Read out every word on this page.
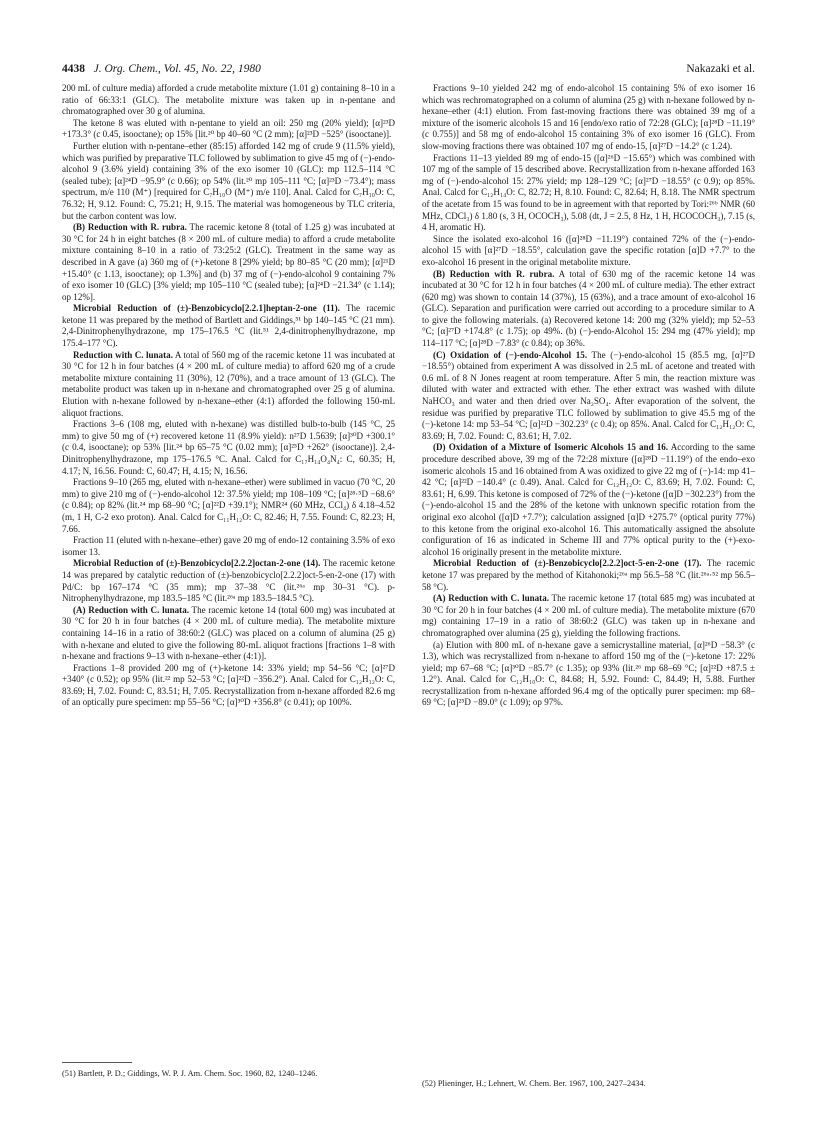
4438 J. Org. Chem., Vol. 45, No. 22, 1980	Nakazaki et al.

200 mL of culture media) afforded a crude metabolite mixture (1.01 g) containing 8–10 in a ratio of 66:33:1 (GLC). The metabolite mixture was taken up in n-pentane and chromatographed over 30 g of alumina.

The ketone 8 was eluted with n-pentane to yield an oil: 250 mg (20% yield); [α]²³D +173.3° (c 0.45, isooctane); op 15% [lit.²⁰ bp 40–60 °C (2 mm); [α]²³D −525° (isooctane)].

Further elution with n-pentane–ether (85:15) afforded 142 mg of crude 9 (11.5% yield), which was purified by preparative TLC followed by sublimation to give 45 mg of (−)-endo-alcohol 9 (3.6% yield) containing 3% of the exo isomer 10 (GLC): mp 112.5–114 °C (sealed tube); [α]²⁴D −95.9° (c 0.66); op 54% (lit.²⁰ mp 105–111 °C; [α]²³D −73.4°); mass spectrum, m/e 110 (M⁺) [required for C₇H₁₀O (M⁺) m/e 110]. Anal. Calcd for C₇H₁₀O: C, 76.32; H, 9.12. Found: C, 75.21; H, 9.15. The material was homogeneous by TLC criteria, but the carbon content was low.

(B) Reduction with R. rubra. The racemic ketone 8 (total of 1.25 g) was incubated at 30 °C for 24 h in eight batches (8 × 200 mL of culture media) to afford a crude metabolite mixture containing 8–10 in a ratio of 73:25:2 (GLC). Treatment in the same way as described in A gave (a) 360 mg of (+)-ketone 8 [29% yield; bp 80–85 °C (20 mm); [α]²¹D +15.40° (c 1.13, isooctane); op 1.3%] and (b) 37 mg of (−)-endo-alcohol 9 containing 7% of exo isomer 10 (GLC) [3% yield; mp 105–110 °C (sealed tube); [α]²⁴D −21.34° (c 1.14); op 12%].

Microbial Reduction of (±)-Benzobicyclo[2.2.1]heptan-2-one (11). The racemic ketone 11 was prepared by the method of Bartlett and Giddings,⁵¹ bp 140–145 °C (21 mm). 2,4-Dinitrophenylhydrazone, mp 175–176.5 °C (lit.⁵¹ 2,4-dinitrophenylhydrazone, mp 175.4–177 °C).

Reduction with C. lunata. A total of 560 mg of the racemic ketone 11 was incubated at 30 °C for 12 h in four batches (4 × 200 mL of culture media) to afford 620 mg of a crude metabolite mixture containing 11 (30%), 12 (70%), and a trace amount of 13 (GLC). The metabolite product was taken up in n-hexane and chromatographed over 25 g of alumina. Elution with n-hexane followed by n-hexane–ether (4:1) afforded the following 150-mL aliquot fractions.

Fractions 3–6 (108 mg, eluted with n-hexane) was distilled bulb-to-bulb (145 °C, 25 mm) to give 50 mg of (+) recovered ketone 11 (8.9% yield): n²⁷D 1.5639; [α]³⁰D +300.1° (c 0.4, isooctane); op 53% [lit.²⁴ bp 65–75 °C (0.02 mm); [α]²⁵D +262° (isooctane)]. 2,4-Dinitrophenylhydrazone, mp 175–176.5 °C. Anal. Calcd for C₁₇H₁₄O₄N₄: C, 60.35; H, 4.17; N, 16.56. Found: C, 60.47; H, 4.15; N, 16.56.

Fractions 9–10 (265 mg, eluted with n-hexane–ether) were sublimed in vacuo (70 °C, 20 mm) to give 210 mg of (−)-endo-alcohol 12: 37.5% yield; mp 108–109 °C; [α]²⁸·⁵D −68.6° (c 0.84); op 82% (lit.²⁴ mp 68–90 °C; [α]²²D +39.1°); NMR²⁴ (60 MHz, CCl₄) δ 4.18–4.52 (m, 1 H, C-2 exo proton). Anal. Calcd for C₁₁H₁₂O: C, 82.46; H, 7.55. Found: C, 82.23; H, 7.66.

Fraction 11 (eluted with n-hexane–ether) gave 20 mg of endo-12 containing 3.5% of exo isomer 13.

Microbial Reduction of (±)-Benzobicyclo[2.2.2]octan-2-one (14). The racemic ketone 14 was prepared by catalytic reduction of (±)-benzobicyclo[2.2.2]oct-5-en-2-one (17) with Pd/C: bp 167–174 °C (35 mm); mp 37–38 °C (lit.²⁶ᵃ mp 30–31 °C). p-Nitrophenylhydrazone, mp 183.5–185 °C (lit.²⁶ᵃ mp 183.5–184.5 °C).

(A) Reduction with C. lunata. The racemic ketone 14 (total 600 mg) was incubated at 30 °C for 20 h in four batches (4 × 200 mL of culture media). The metabolite mixture containing 14–16 in a ratio of 38:60:2 (GLC) was placed on a column of alumina (25 g) with n-hexane and eluted to give the following 80-mL aliquot fractions [fractions 1–8 with n-hexane and fractions 9–13 with n-hexane–ether (4:1)].

Fractions 1–8 provided 200 mg of (+)-ketone 14: 33% yield; mp 54–56 °C; [α]²⁷D +340° (c 0.52); op 95% (lit.²² mp 52–53 °C; [α]²²D −356.2°). Anal. Calcd for C₁₂H₁₂O: C, 83.69; H, 7.02. Found: C, 83.51; H, 7.05. Recrystallization from n-hexane afforded 82.6 mg of an optically pure specimen: mp 55–56 °C; [α]³⁰D +356.8° (c 0.41); op 100%.

Fractions 9–10 yielded 242 mg of endo-alcohol 15 containing 5% of exo isomer 16 which was rechromatographed on a column of alumina (25 g) with n-hexane followed by n-hexane–ether (4:1) elution. From fast-moving fractions there was obtained 39 mg of a mixture of the isomeric alcohols 15 and 16 [endo/exo ratio of 72:28 (GLC); [α]²⁸D −11.19° (c 0.755)] and 58 mg of endo-alcohol 15 containing 3% of exo isomer 16 (GLC). From slow-moving fractions there was obtained 107 mg of endo-15, [α]²⁷D −14.2° (c 1.24).

Fractions 11–13 yielded 89 mg of endo-15 ([α]²⁶D −15.65°) which was combined with 107 mg of the sample of 15 described above. Recrystallization from n-hexane afforded 163 mg of (−)-endo-alcohol 15: 27% yield; mp 128–129 °C; [α]²⁷D −18.55° (c 0.9); op 85%. Anal. Calcd for C₁₂H₁₄O: C, 82.72; H, 8.10. Found: C, 82.64; H, 8.18. The NMR spectrum of the acetate from 15 was found to be in agreement with that reported by Tori:²⁶ᵇ NMR (60 MHz, CDCl₃) δ 1.80 (s, 3 H, OCOCH₃), 5.08 (dt, J = 2.5, 8 Hz, 1 H, HCOCOCH₃), 7.15 (s, 4 H, aromatic H).

Since the isolated exo-alcohol 16 ([α]²⁸D −11.19°) contained 72% of the (−)-endo-alcohol 15 with [α]²⁷D −18.55°, calculation gave the specific rotation [α]D +7.7° to the exo-alcohol 16 present in the original metabolite mixture.

(B) Reduction with R. rubra. A total of 630 mg of the racemic ketone 14 was incubated at 30 °C for 12 h in four batches (4 × 200 mL of culture media). The ether extract (620 mg) was shown to contain 14 (37%), 15 (63%), and a trace amount of exo-alcohol 16 (GLC). Separation and purification were carried out according to a procedure similar to A to give the following materials. (a) Recovered ketone 14: 200 mg (32% yield); mp 52–53 °C; [α]²⁷D +174.8° (c 1.75); op 49%. (b) (−)-endo-Alcohol 15: 294 mg (47% yield); mp 114–117 °C; [α]²⁸D −7.83° (c 0.84); op 36%.

(C) Oxidation of (−)-endo-Alcohol 15. The (−)-endo-alcohol 15 (85.5 mg, [α]²⁷D −18.55°) obtained from experiment A was dissolved in 2.5 mL of acetone and treated with 0.6 mL of 8 N Jones reagent at room temperature. After 5 min, the reaction mixture was diluted with water and extracted with ether. The ether extract was washed with dilute NaHCO₃ and water and then dried over Na₂SO₄. After evaporation of the solvent, the residue was purified by preparative TLC followed by sublimation to give 45.5 mg of the (−)-ketone 14: mp 53–54 °C; [α]²²D −302.23° (c 0.4); op 85%. Anal. Calcd for C₁₂H₁₂O: C, 83.69; H, 7.02. Found: C, 83.61; H, 7.02.

(D) Oxidation of a Mixture of Isomeric Alcohols 15 and 16. According to the same procedure described above, 39 mg of the 72:28 mixture ([α]²⁸D −11.19°) of the endo–exo isomeric alcohols 15 and 16 obtained from A was oxidized to give 22 mg of (−)-14: mp 41–42 °C; [α]²²D −140.4° (c 0.49). Anal. Calcd for C₁₂H₁₂O: C, 83.69; H, 7.02. Found: C, 83.61; H, 6.99. This ketone is composed of 72% of the (−)-ketone ([α]D −302.23°) from the (−)-endo-alcohol 15 and the 28% of the ketone with unknown specific rotation from the original exo alcohol ([α]D +7.7°); calculation assigned [α]D +275.7° (optical purity 77%) to this ketone from the original exo-alcohol 16. This automatically assigned the absolute configuration of 16 as indicated in Scheme III and 77% optical purity to the (+)-exo-alcohol 16 originally present in the metabolite mixture.

Microbial Reduction of (±)-Benzobicyclo[2.2.2]oct-5-en-2-one (17). The racemic ketone 17 was prepared by the method of Kitahonoki;²⁶ᵃ mp 56.5–58 °C (lit.²⁶ᵃ·⁵² mp 56.5–58 °C).

(A) Reduction with C. lunata. The racemic ketone 17 (total 685 mg) was incubated at 30 °C for 20 h in four batches (4 × 200 mL of culture media). The metabolite mixture (670 mg) containing 17–19 in a ratio of 38:60:2 (GLC) was taken up in n-hexane and chromatographed over alumina (25 g), yielding the following fractions.

(a) Elution with 800 mL of n-hexane gave a semicrystalline material, [α]²⁶D −58.3° (c 1.3), which was recrystallized from n-hexane to afford 150 mg of the (−)-ketone 17: 22% yield; mp 67–68 °C; [α]³⁰D −85.7° (c 1.35); op 93% (lit.²⁶ mp 68–69 °C; [α]²²D +87.5 ± 1.2°). Anal. Calcd for C₁₂H₁₀O: C, 84.68; H, 5.92. Found: C, 84.49; H, 5.88. Further recrystallization from n-hexane afforded 96.4 mg of the optically purer specimen: mp 68–69 °C; [α]²⁵D −89.0° (c 1.09); op 97%.

(51) Bartlett, P. D.; Giddings, W. P. J. Am. Chem. Soc. 1960, 82, 1240–1246.
(52) Plieninger, H.; Lehnert, W. Chem. Ber. 1967, 100, 2427–2434.
